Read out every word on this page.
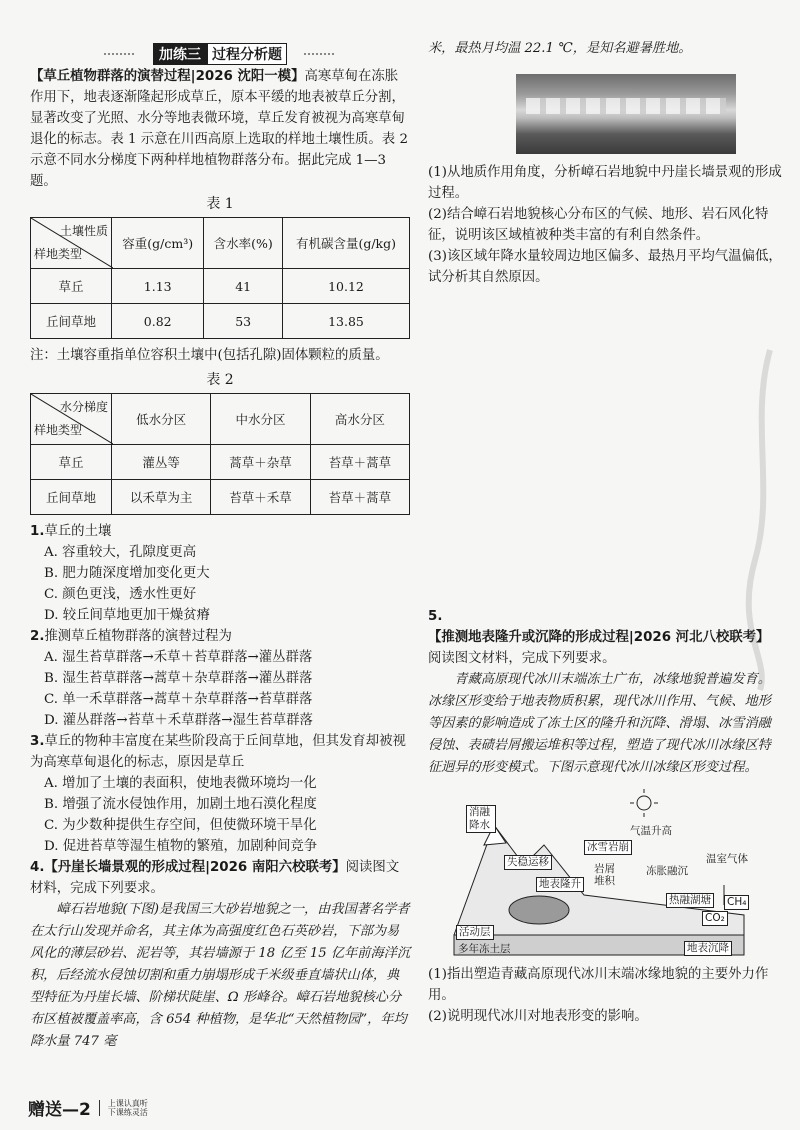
加练三 过程分析题

【草丘植物群落的演替过程|2026 沈阳一模】高寒草甸在冻胀作用下，地表逐渐隆起形成草丘，原本平缓的地表被草丘分割，显著改变了光照、水分等地表微环境，草丘发育被视为高寒草甸退化的标志。表 1 示意在川西高原上选取的样地土壤性质。表 2 示意不同水分梯度下两种样地植物群落分布。据此完成 1—3 题。

表 1
土壤性质
样地类型	容重(g/cm³)	含水率(%)	有机碳含量(g/kg)
草丘	1.13	41	10.12
丘间草地	0.82	53	13.85

注：土壤容重指单位容积土壤中(包括孔隙)固体颗粒的质量。

表 2
水分梯度
样地类型	低水分区	中水分区	高水分区
草丘	灌丛等	蒿草＋杂草	苔草＋蒿草
丘间草地	以禾草为主	苔草＋禾草	苔草＋蒿草

1.草丘的土壤

A. 容重较大，孔隙度更高

B. 肥力随深度增加变化更大

C. 颜色更浅，透水性更好

D. 较丘间草地更加干燥贫瘠

2.推测草丘植物群落的演替过程为

A. 湿生苔草群落→禾草＋苔草群落→灌丛群落

B. 湿生苔草群落→蒿草＋杂草群落→灌丛群落

C. 单一禾草群落→蒿草＋杂草群落→苔草群落

D. 灌丛群落→苔草＋禾草群落→湿生苔草群落

3.草丘的物种丰富度在某些阶段高于丘间草地，但其发育却被视为高寒草甸退化的标志，原因是草丘

A. 增加了土壤的表面积，使地表微环境均一化

B. 增强了流水侵蚀作用，加剧土地石漠化程度

C. 为少数种提供生存空间，但使微环境干旱化

D. 促进苔草等湿生植物的繁殖，加剧种间竞争

4.【丹崖长墙景观的形成过程|2026 南阳六校联考】阅读图文材料，完成下列要求。

嶂石岩地貌(下图)是我国三大砂岩地貌之一，由我国著名学者在太行山发现并命名，其主体为高强度红色石英砂岩，下部为易风化的薄层砂岩、泥岩等，其岩墙源于 18 亿至 15 亿年前海洋沉积，后经流水侵蚀切割和重力崩塌形成千米级垂直墙状山体，典型特征为丹崖长墙、阶梯状陡崖、Ω 形峰谷。嶂石岩地貌核心分布区植被覆盖率高，含 654 种植物，是华北“天然植物园”，年均降水量 747 毫

米，最热月均温 22.1 ℃，是知名避暑胜地。

(1)从地质作用角度，分析嶂石岩地貌中丹崖长墙景观的形成过程。

(2)结合嶂石岩地貌核心分布区的气候、地形、岩石风化特征，说明该区域植被种类丰富的有利自然条件。

(3)该区域年降水量较周边地区偏多、最热月平均气温偏低，试分析其自然原因。

5.【推测地表隆升或沉降的形成过程|2026 河北八校联考】

阅读图文材料，完成下列要求。

青藏高原现代冰川末端冻土广布，冰缘地貌普遍发育。冰缘区形变给于地表物质积累，现代冰川作用、气候、地形等因素的影响造成了冻土区的隆升和沉降、滑塌、冰雪消融侵蚀、表碛岩屑搬运堆积等过程，塑造了现代冰川冰缘区特征迥异的形变模式。下图示意现代冰川冰缘区形变过程。

消融降水
失稳运移
冰雪岩崩
气温升高
岩屑堆积
冻胀融沉
温室气体
地表隆升
热融湖塘 CH₄
CO₂
活动层
多年冻土层	地表沉降

(1)指出塑造青藏高原现代冰川末端冰缘地貌的主要外力作用。

(2)说明现代冰川对地表形变的影响。

赠送—2 上课认真听
下课练灵活
